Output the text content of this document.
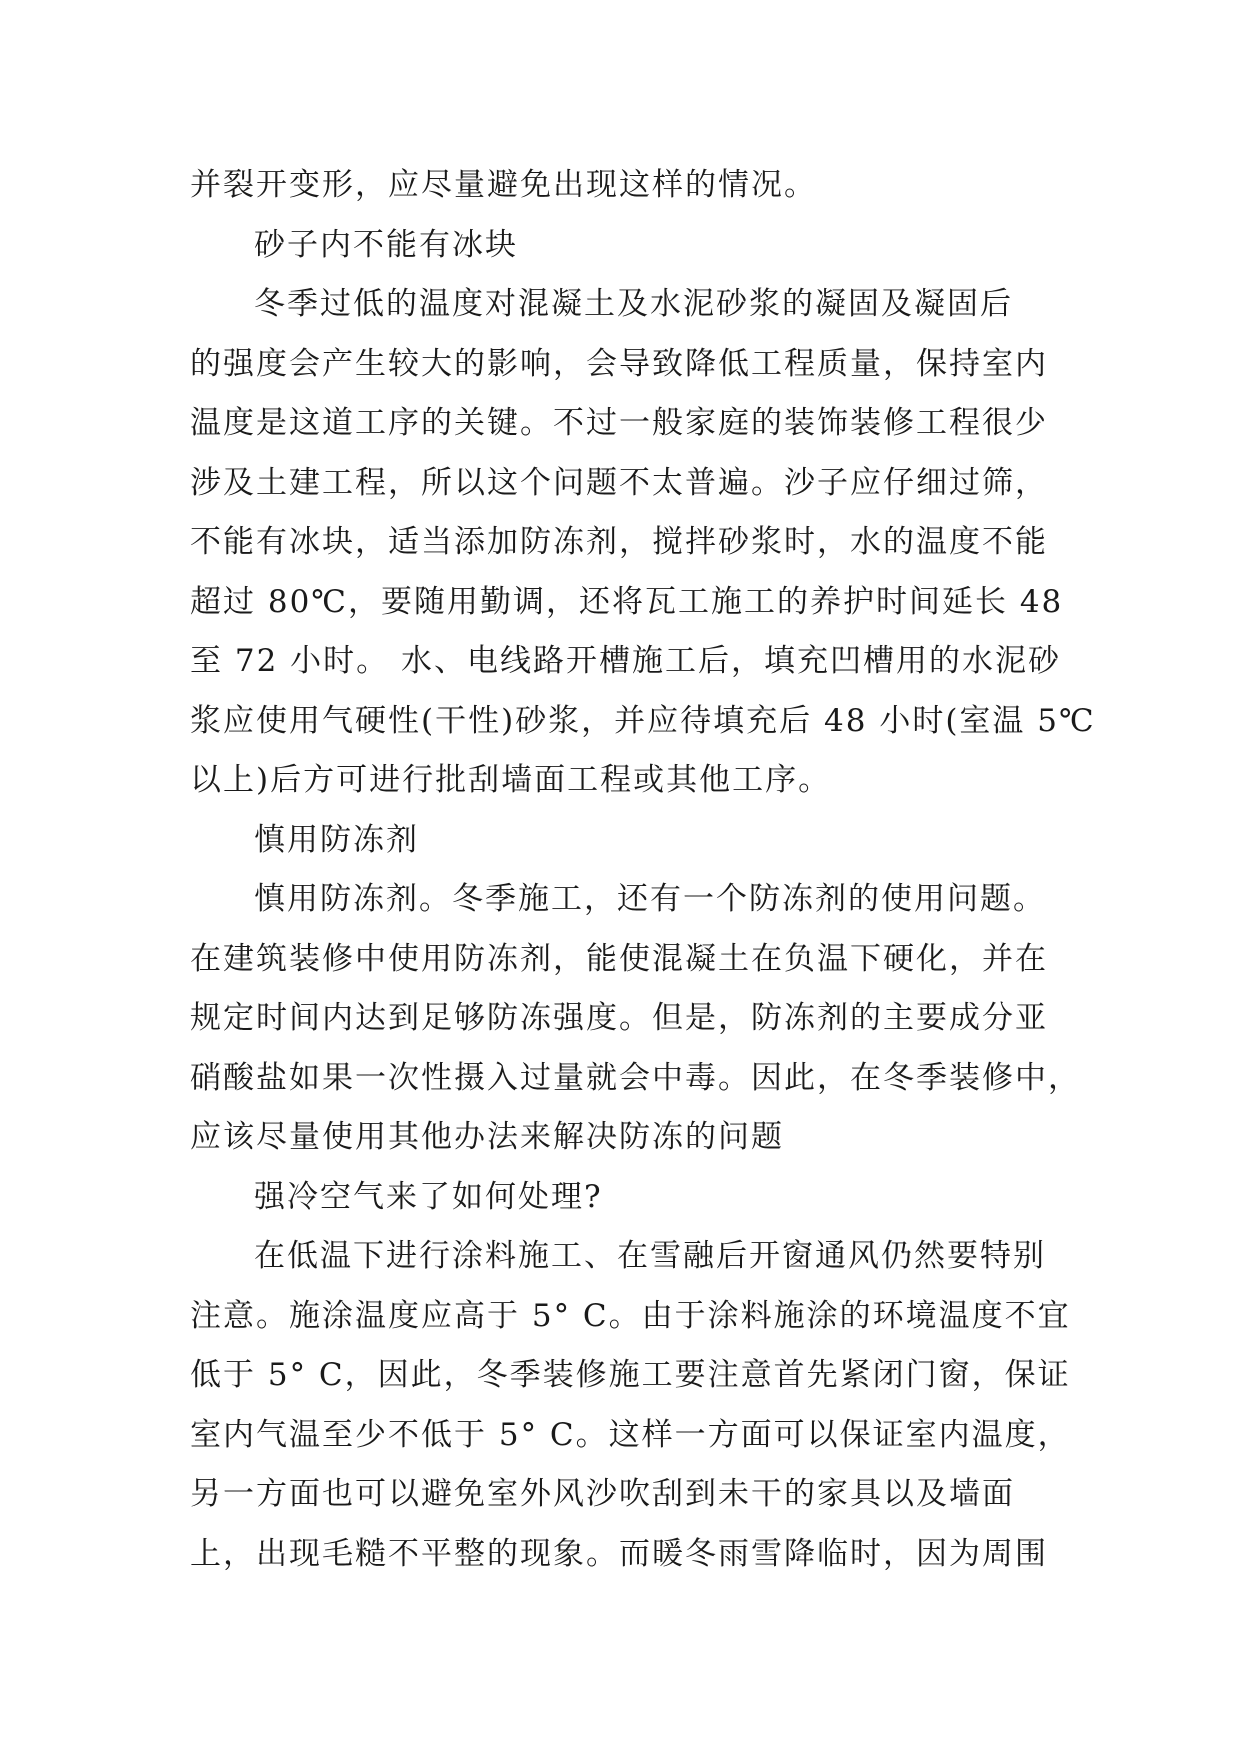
并裂开变形，应尽量避免出现这样的情况。
砂子内不能有冰块
冬季过低的温度对混凝土及水泥砂浆的凝固及凝固后
的强度会产生较大的影响，会导致降低工程质量，保持室内
温度是这道工序的关键。不过一般家庭的装饰装修工程很少
涉及土建工程，所以这个问题不太普遍。沙子应仔细过筛，
不能有冰块，适当添加防冻剂，搅拌砂浆时，水的温度不能
超过 80℃，要随用勤调，还将瓦工施工的养护时间延长 48
至 72 小时。 水、电线路开槽施工后，填充凹槽用的水泥砂
浆应使用气硬性(干性)砂浆，并应待填充后 48 小时(室温 5℃
以上)后方可进行批刮墙面工程或其他工序。
慎用防冻剂
慎用防冻剂。冬季施工，还有一个防冻剂的使用问题。
在建筑装修中使用防冻剂，能使混凝土在负温下硬化，并在
规定时间内达到足够防冻强度。但是，防冻剂的主要成分亚
硝酸盐如果一次性摄入过量就会中毒。因此，在冬季装修中，
应该尽量使用其他办法来解决防冻的问题
强冷空气来了如何处理?
在低温下进行涂料施工、在雪融后开窗通风仍然要特别
注意。施涂温度应高于 5° C。由于涂料施涂的环境温度不宜
低于 5° C，因此，冬季装修施工要注意首先紧闭门窗，保证
室内气温至少不低于 5° C。这样一方面可以保证室内温度，
另一方面也可以避免室外风沙吹刮到未干的家具以及墙面
上，出现毛糙不平整的现象。而暖冬雨雪降临时，因为周围
